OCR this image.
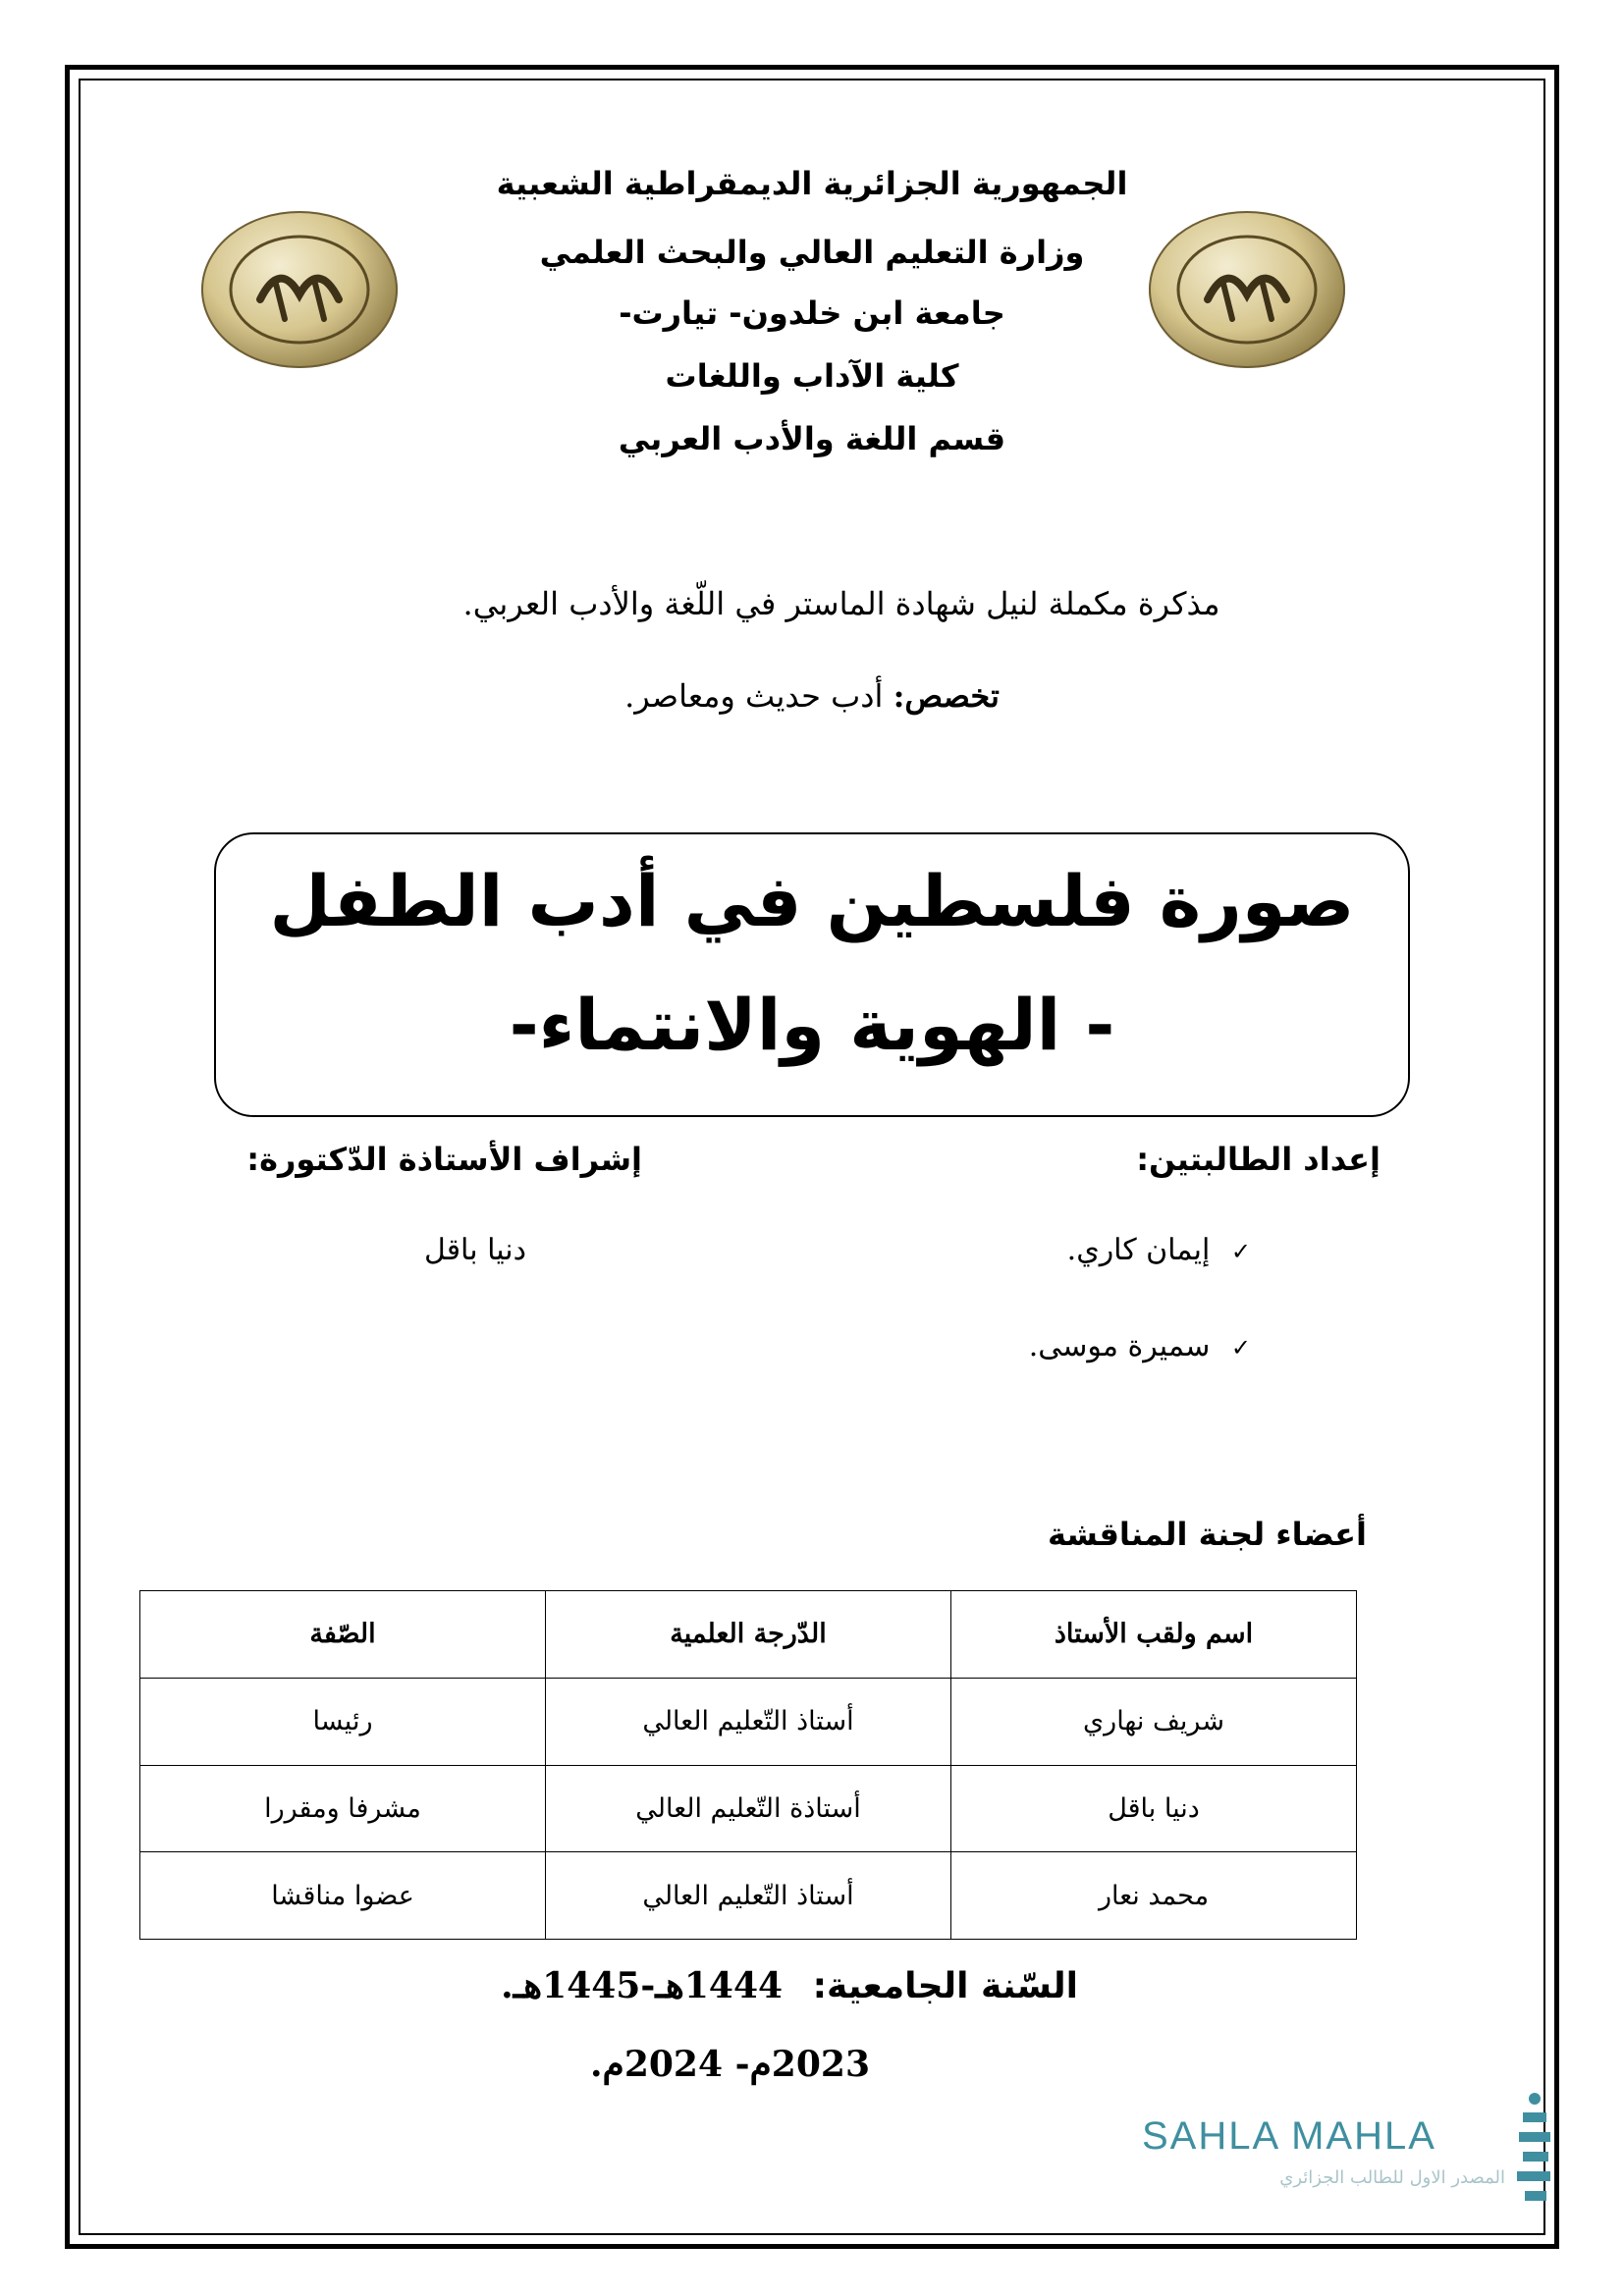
الجمهورية الجزائرية الديمقراطية الشعبية
وزارة التعليم العالي والبحث العلمي
جامعة ابن خلدون- تيارت-
كلية الآداب واللغات
قسم اللغة والأدب العربي
مذكرة مكملة لنيل شهادة الماستر في اللّغة والأدب العربي.
تخصص: أدب حديث ومعاصر.
صورة فلسطين في أدب الطفل
- الهوية والانتماء-
إعداد الطالبتين:
إشراف الأستاذة الدّكتورة:
✓ إيمان كاري.
✓ سميرة موسى.
دنيا باقل
أعضاء لجنة المناقشة
اسم ولقب الأستاذ	الدّرجة العلمية	الصّفة
شريف نهاري	أستاذ التّعليم العالي	رئيسا
دنيا باقل	أستاذة التّعليم العالي	مشرفا ومقررا
محمد نعار	أستاذ التّعليم العالي	عضوا مناقشا
السّنة الجامعية: 1444هـ-1445هـ.
2023م- 2024م.
SAHLA MAHLA
المصدر الاول للطالب الجزائري
